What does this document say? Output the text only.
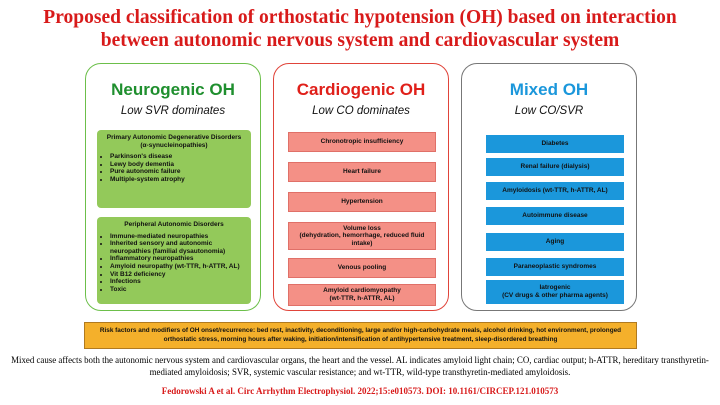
Proposed classification of orthostatic hypotension (OH) based on interaction
between autonomic nervous system and cardiovascular system
Neurogenic OH
Low SVR dominates
Primary Autonomic Degenerative Disorders (α-synucleinopathies)
• Parkinson's disease
• Lewy body dementia
• Pure autonomic failure
• Multiple-system atrophy
Peripheral Autonomic Disorders
• Immune-mediated neuropathies
• Inherited sensory and autonomic neuropathies (familial dysautonomia)
• Inflammatory neuropathies
• Amyloid neuropathy (wt-TTR, h-ATTR, AL)
• Vit B12 deficiency
• Infections
• Toxic
Cardiogenic OH
Low CO dominates
Chronotropic insufficiency
Heart failure
Hypertension
Volume loss
(dehydration, hemorrhage, reduced fluid intake)
Venous pooling
Amyloid cardiomyopathy
(wt-TTR, h-ATTR, AL)
Mixed OH
Low CO/SVR
Diabetes
Renal failure (dialysis)
Amyloidosis (wt-TTR, h-ATTR, AL)
Autoimmune disease
Aging
Paraneoplastic syndromes
Iatrogenic
(CV drugs & other pharma agents)
Risk factors and modifiers of OH onset/recurrence: bed rest, inactivity, deconditioning, large and/or high-carbohydrate meals, alcohol drinking, hot environment, prolonged orthostatic stress, morning hours after waking, initiation/intensification of antihypertensive treatment, sleep-disordered breathing
Mixed cause affects both the autonomic nervous system and cardiovascular organs, the heart and the vessel. AL indicates amyloid light chain; CO, cardiac output; h-ATTR, hereditary transthyretin-mediated amyloidosis; SVR, systemic vascular resistance; and wt-TTR, wild-type transthyretin-mediated amyloidosis.
Fedorowski A et al. Circ Arrhythm Electrophysiol. 2022;15:e010573. DOI: 10.1161/CIRCEP.121.010573
